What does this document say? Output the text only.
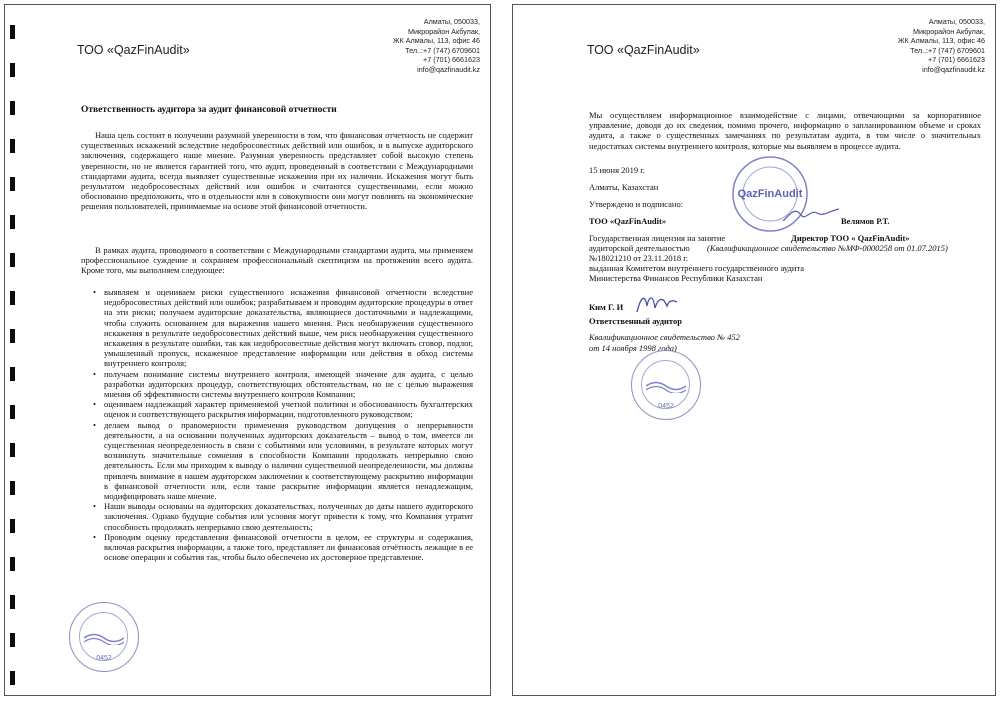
ТОО «QazFinAudit»
Алматы, 050033,
Микрорайон Акбулак,
ЖК Алмалы, 113, офис 46
Тел..:+7 (747) 6709601
+7 (701) 6661623
info@qazfinaudit.kz
Ответственность аудитора за аудит финансовой отчетности
Наша цель состоит в получении разумной уверенности в том, что финансовая отчетность не содержит существенных искажений вследствие недобросовестных действий или ошибок, и в выпуске аудиторского заключения, содержащего наше мнение. Разумная уверенность представляет собой высокую степень уверенности, но не является гарантией того, что аудит, проведенный в соответствии с Международными стандартами аудита, всегда выявляет существенные искажения при их наличии. Искажения могут быть результатом недобросовестных действий или ошибок и считаются существенными, если можно обоснованно предположить, что в отдельности или в совокупности они могут повлиять на экономические решения пользователей, принимаемые на основе этой финансовой отчетности.
В рамках аудита, проводимого в соответствии с Международными стандартами аудита, мы применяем профессиональное суждение и сохраняем профессиональный скептицизм на протяжении всего аудита. Кроме того, мы выполняем следующее:
• выявляем и оцениваем риски существенного искажения финансовой отчетности вследствие недобросовестных действий или ошибок; разрабатываем и проводим аудиторские процедуры в ответ на эти риски; получаем аудиторские доказательства, являющиеся достаточными и надлежащими, чтобы служить основанием для выражения нашего мнения. Риск необнаружения существенного искажения в результате недобросовестных действий выше, чем риск необнаружения существенного искажения в результате ошибки, так как недобросовестные действия могут включать сговор, подлог, умышленный пропуск, искаженное представление информации или действия в обход системы внутреннего контроля;
• получаем понимание системы внутреннего контроля, имеющей значение для аудита, с целью разработки аудиторских процедур, соответствующих обстоятельствам, но не с целью выражения мнения об эффективности системы внутреннего контроля Компании;
• оцениваем надлежащий характер применяемой учетной политики и обоснованность бухгалтерских оценок и соответствующего раскрытия информации, подготовленного руководством;
• делаем вывод о правомерности применения руководством допущения о непрерывности деятельности, а на основании полученных аудиторских доказательств – вывод о том, имеется ли существенная неопределенность в связи с событиями или условиями, в результате которых могут возникнуть значительные сомнения в способности Компании продолжать непрерывно свою деятельность. Если мы приходим к выводу о наличии существенной неопределенности, мы должны привлечь внимание в нашем аудиторском заключении к соответствующему раскрытию информации в финансовой отчетности или, если такое раскрытие информации является ненадлежащим, модифицировать наше мнение.
• Наши выводы основаны на аудиторских доказательствах, полученных до даты нашего аудиторского заключения. Однако будущие события или условия могут привести к тому, что Компания утратит способность продолжать непрерывно свою деятельность;
• Проводим оценку представления финансовой отчетности в целом, ее структуры и содержания, включая раскрытия информации, а также того, представляет ли финансовая отчётность лежащие в ее основе операции и события так, чтобы было обеспечено их достоверное представление.
0452
ТОО «QazFinAudit»
Алматы, 050033,
Микрорайон Акбулак,
ЖК Алмалы, 113, офис 46
Тел..:+7 (747) 6709601
+7 (701) 6661623
info@qazfinaudit.kz
Мы осуществляем информационное взаимодействие с лицами, отвечающими за корпоративное управление, доводя до их сведения, помимо прочего, информацию о запланированном объеме и сроках аудита, а также о существенных замечаниях по результатам аудита, в том числе о значительных недостатках системы внутреннего контроля, которые мы выявляем в процессе аудита.
15 июня 2019 г.
Алматы, Казахстан
Утверждено и подписано:
ТОО «QazFinAudit»	Велямов Р.Т.
Государственная лицензия на занятие	Директор ТОО « QazFinAudit»
аудиторской деятельностью (Квалификационное свидетельство №МФ-0000258 от 01.07.2015)
№18021210 от 23.11.2018 г.
выданная Комитетом внутреннего государственного аудита
Министерства Финансов Республики Казахстан
Ким Г. И
Ответственный аудитор
Квалификационное свидетельство № 452
от 14 ноября 1998 года)
0452
QazFinAudit
